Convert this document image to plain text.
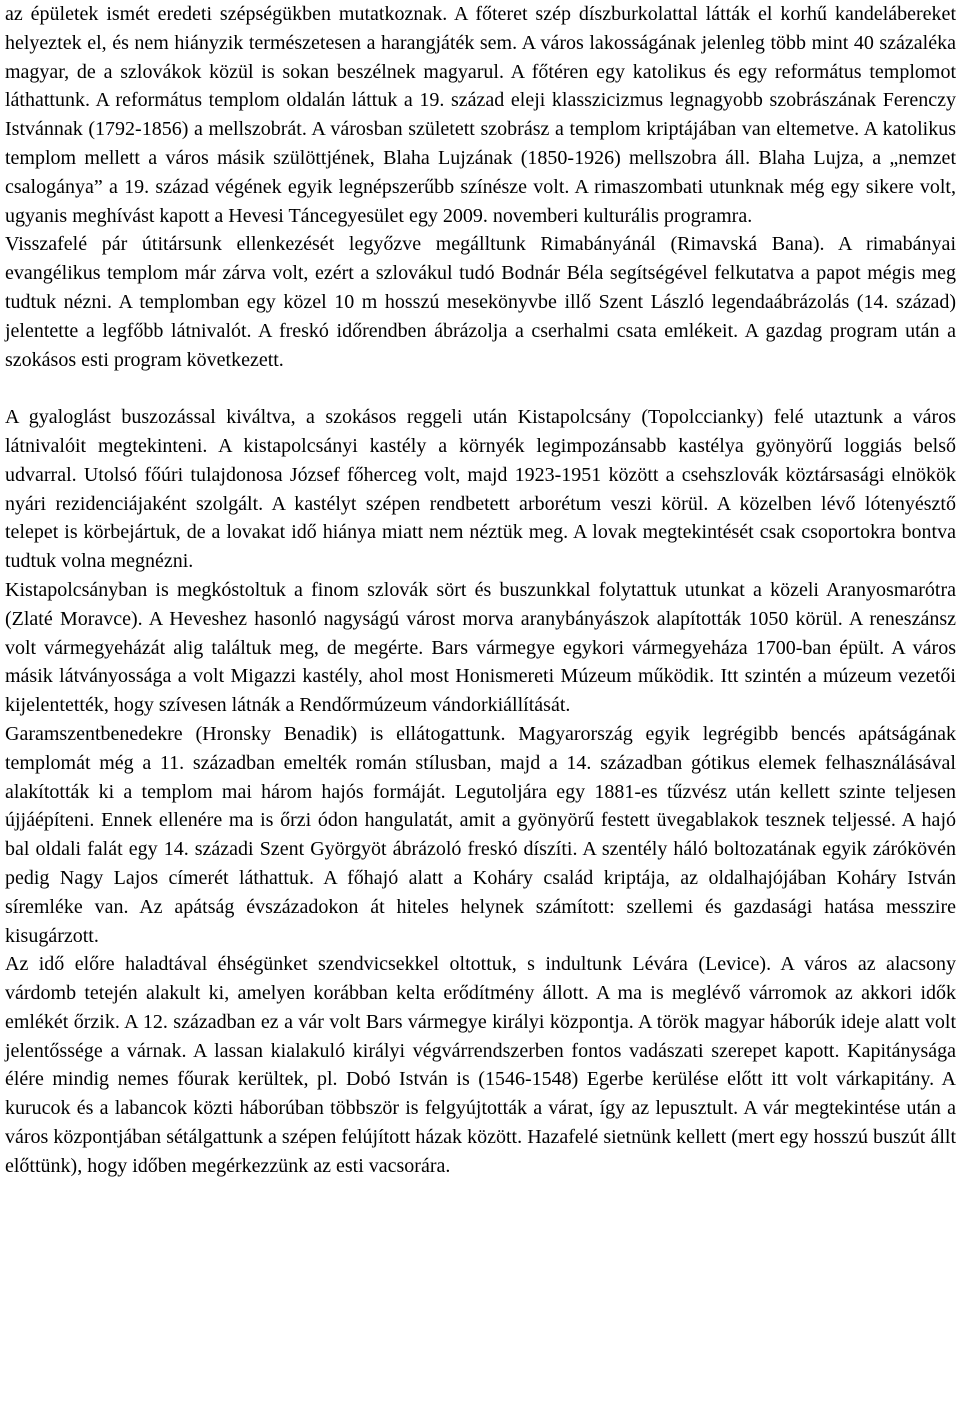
az épületek ismét eredeti szépségükben mutatkoznak. A főteret szép díszburkolattal látták el korhű kandelábereket helyeztek el, és nem hiányzik természetesen a harangjáték sem. A város lakosságának jelenleg több mint 40 százaléka magyar, de a szlovákok közül is sokan beszélnek magyarul. A főtéren egy katolikus és egy református templomot láthattunk. A református templom oldalán láttuk a 19. század eleji klasszicizmus legnagyobb szobrászának Ferenczy Istvánnak (1792-1856) a mellszobrát. A városban született szobrász a templom kriptájában van eltemetve. A katolikus templom mellett a város másik szülöttjének, Blaha Lujzának (1850-1926) mellszobra áll. Blaha Lujza, a „nemzet csalogánya” a 19. század végének egyik legnépszerűbb színésze volt. A rimaszombati utunknak még egy sikere volt, ugyanis meghívást kapott a Hevesi Táncegyesület egy 2009. novemberi kulturális programra.

Visszafelé pár útitársunk ellenkezését legyőzve megálltunk Rimabányánál (Rimavská Bana). A rimabányai evangélikus templom már zárva volt, ezért a szlovákul tudó Bodnár Béla segítségével felkutatva a papot mégis meg tudtuk nézni. A templomban egy közel 10 m hosszú mesekönyvbe illő Szent László legendaábrázolás (14. század) jelentette a legfőbb látnivalót. A freskó időrendben ábrázolja a cserhalmi csata emlékeit. A gazdag program után a szokásos esti program következett.

A gyaloglást buszozással kiváltva, a szokásos reggeli után Kistapolcsány (Topolccianky) felé utaztunk a város látnivalóit megtekinteni. A kistapolcsányi kastély a környék legimpozánsabb kastélya gyönyörű loggiás belső udvarral. Utolsó főúri tulajdonosa József főherceg volt, majd 1923-1951 között a csehszlovák köztársasági elnökök nyári rezidenciájaként szolgált. A kastélyt szépen rendbetett arborétum veszi körül. A közelben lévő lótenyésztő telepet is körbejártuk, de a lovakat idő hiánya miatt nem néztük meg. A lovak megtekintését csak csoportokra bontva tudtuk volna megnézni.

Kistapolcsányban is megkóstoltuk a finom szlovák sört és buszunkkal folytattuk utunkat a közeli Aranyosmarótra (Zlaté Moravce). A Heveshez hasonló nagyságú várost morva aranybányászok alapították 1050 körül. A reneszánsz volt vármegyeházát alig találtuk meg, de megérte. Bars vármegye egykori vármegyeháza 1700-ban épült. A város másik látványossága a volt Migazzi kastély, ahol most Honismereti Múzeum működik. Itt szintén a múzeum vezetői kijelentették, hogy szívesen látnák a Rendőrmúzeum vándorkiállítását.

Garamszentbenedekre (Hronsky Benadik) is ellátogattunk. Magyarország egyik legrégibb bencés apátságának templomát még a 11. században emelték román stílusban, majd a 14. században gótikus elemek felhasználásával alakították ki a templom mai három hajós formáját. Legutoljára egy 1881-es tűzvész után kellett szinte teljesen újjáépíteni. Ennek ellenére ma is őrzi ódon hangulatát, amit a gyönyörű festett üvegablakok tesznek teljessé. A hajó bal oldali falát egy 14. századi Szent Györgyöt ábrázoló freskó díszíti. A szentély háló boltozatának egyik zárókövén pedig Nagy Lajos címerét láthattuk. A főhajó alatt a Koháry család kriptája, az oldalhajójában Koháry István síremléke van. Az apátság évszázadokon át hiteles helynek számított: szellemi és gazdasági hatása messzire kisugárzott.

Az idő előre haladtával éhségünket szendvicsekkel oltottuk, s indultunk Lévára (Levice). A város az alacsony várdomb tetején alakult ki, amelyen korábban kelta erődítmény állott. A ma is meglévő várromok az akkori idők emlékét őrzik. A 12. században ez a vár volt Bars vármegye királyi központja. A török magyar háborúk ideje alatt volt jelentőssége a várnak. A lassan kialakuló királyi végvárrendszerben fontos vadászati szerepet kapott. Kapitánysága élére mindig nemes főurak kerültek, pl. Dobó István is (1546-1548) Egerbe kerülése előtt itt volt várkapitány. A kurucok és a labancok közti háborúban többször is felgyújtották a várat, így az lepusztult. A vár megtekintése után a város központjában sétálgattunk a szépen felújított házak között. Hazafelé sietnünk kellett (mert egy hosszú buszút állt előttünk), hogy időben megérkezzünk az esti vacsorára.
